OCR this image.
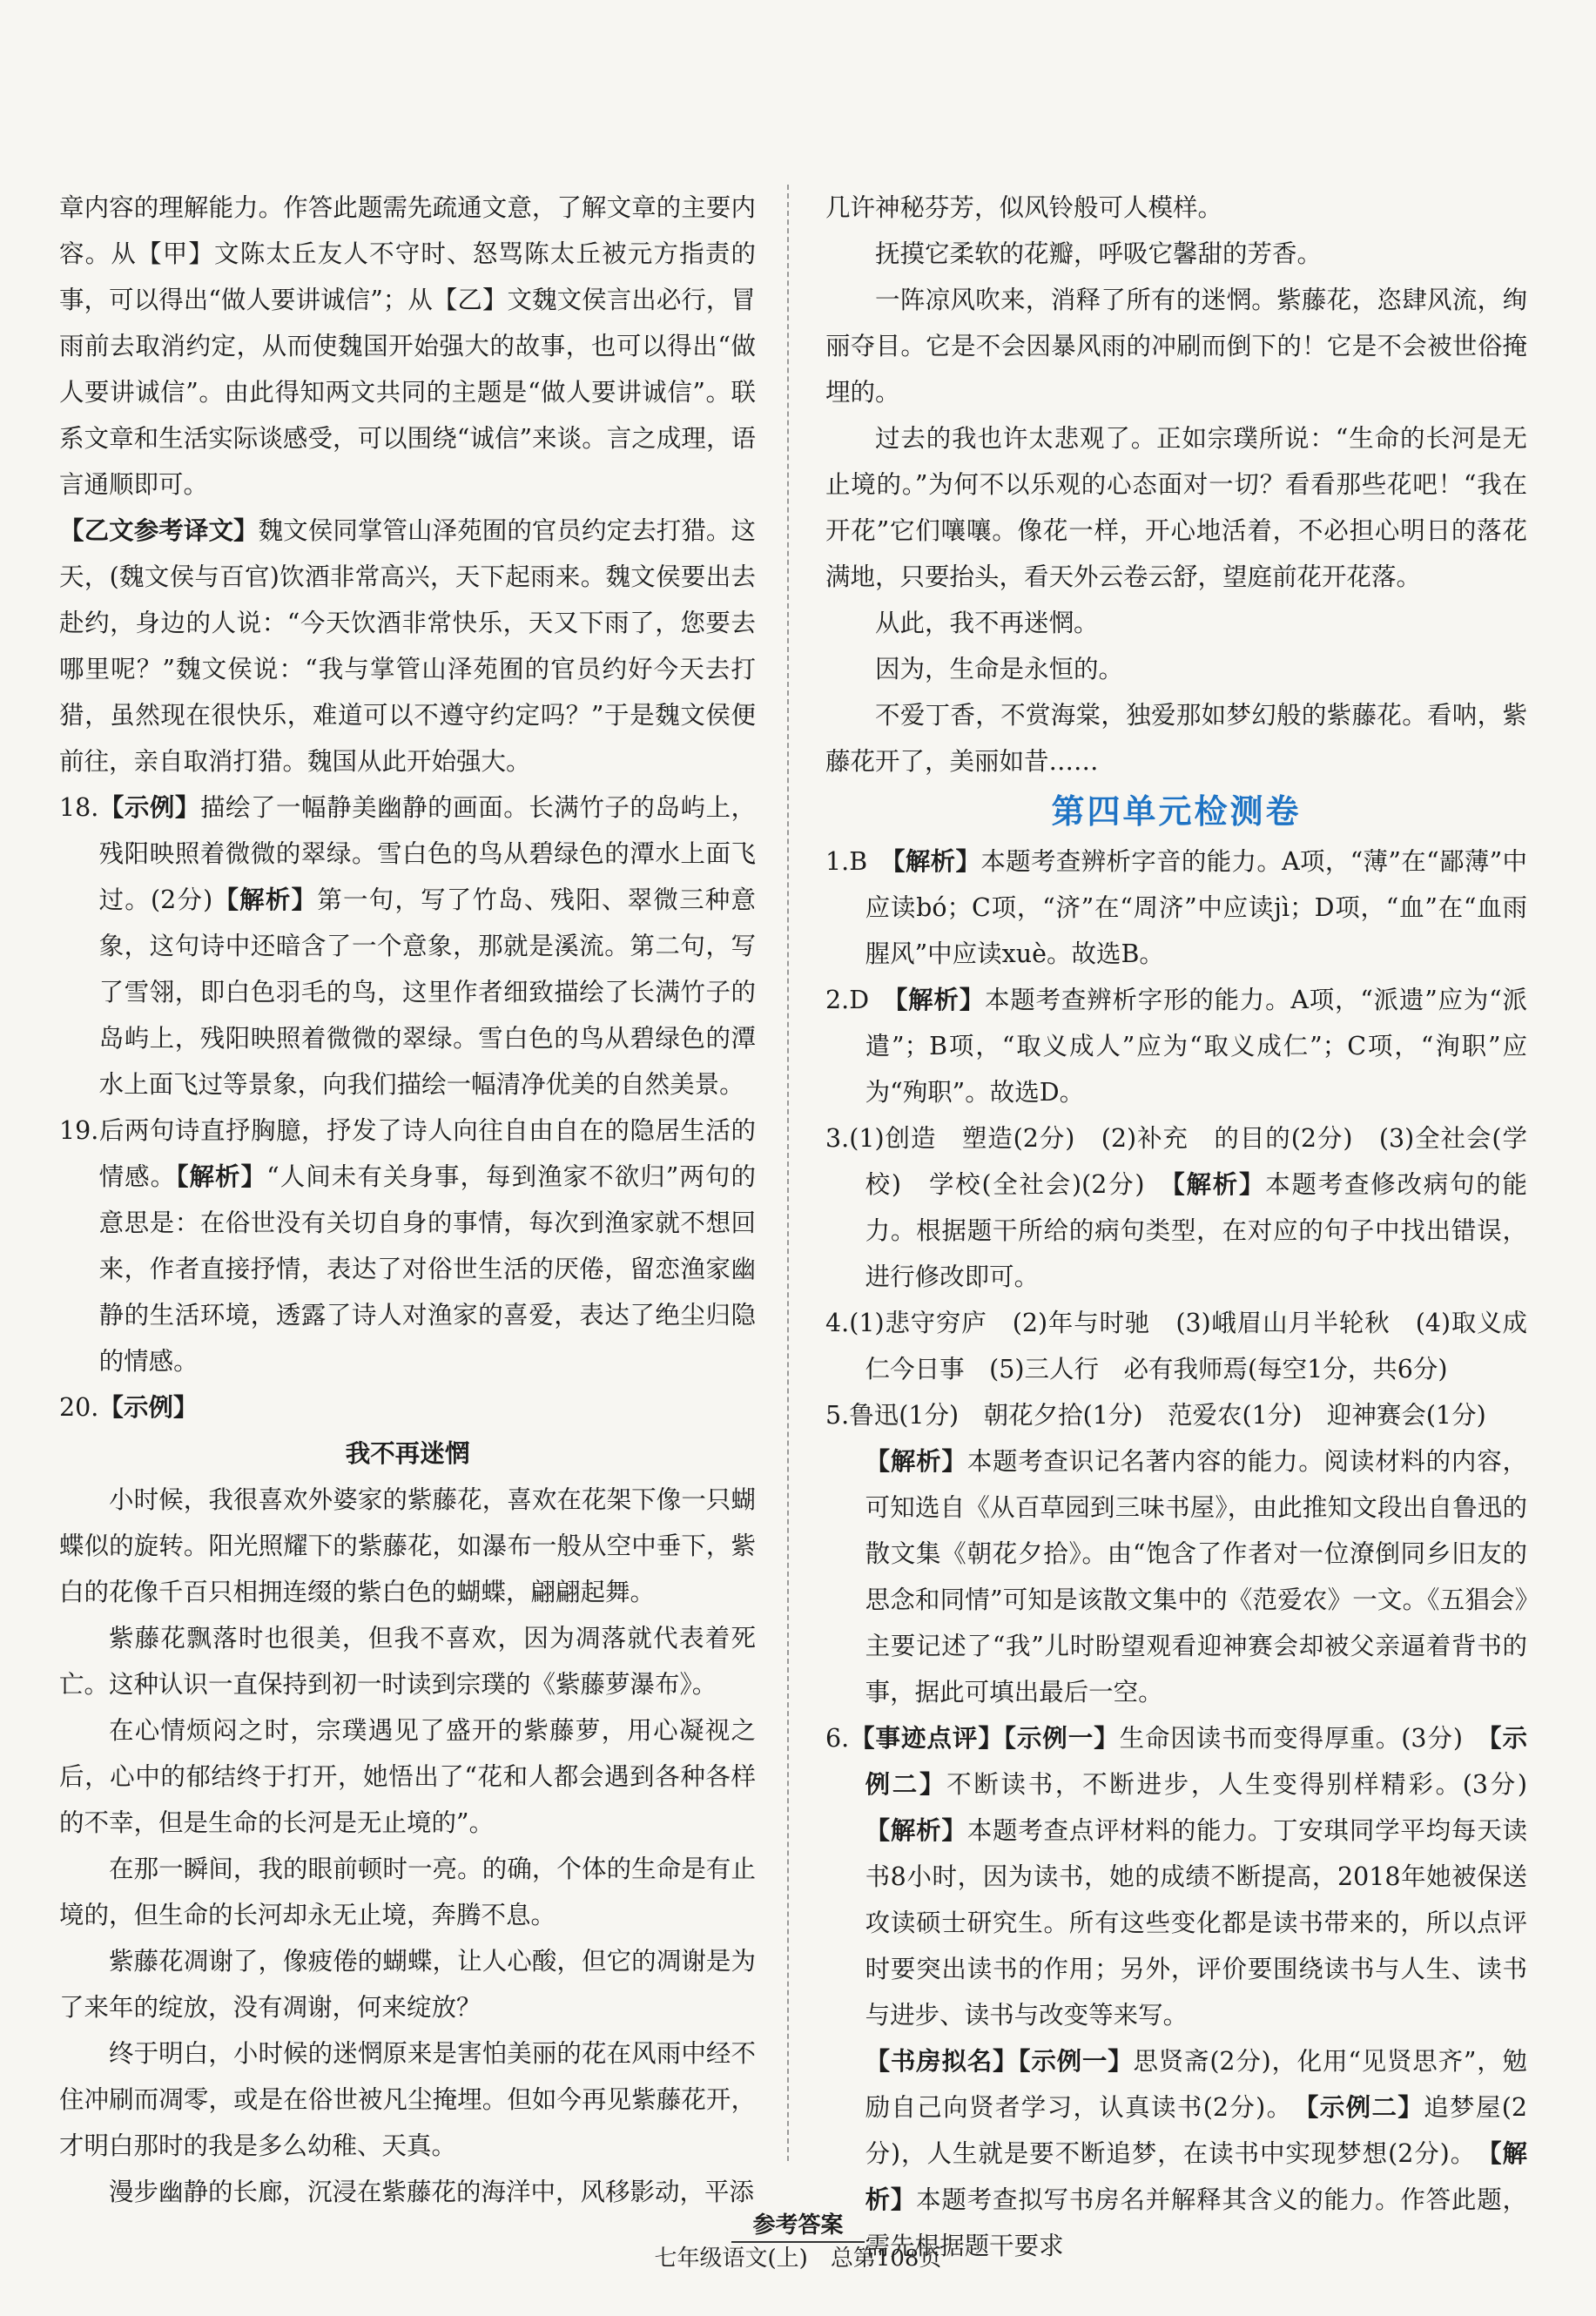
章内容的理解能力。作答此题需先疏通文意，了解文章的主要内容。从【甲】文陈太丘友人不守时、怒骂陈太丘被元方指责的事，可以得出“做人要讲诚信”；从【乙】文魏文侯言出必行，冒雨前去取消约定，从而使魏国开始强大的故事，也可以得出“做人要讲诚信”。由此得知两文共同的主题是“做人要讲诚信”。联系文章和生活实际谈感受，可以围绕“诚信”来谈。言之成理，语言通顺即可。

【乙文参考译文】魏文侯同掌管山泽苑囿的官员约定去打猎。这天，(魏文侯与百官)饮酒非常高兴，天下起雨来。魏文侯要出去赴约，身边的人说：“今天饮酒非常快乐，天又下雨了，您要去哪里呢？”魏文侯说：“我与掌管山泽苑囿的官员约好今天去打猎，虽然现在很快乐，难道可以不遵守约定吗？”于是魏文侯便前往，亲自取消打猎。魏国从此开始强大。

18.【示例】描绘了一幅静美幽静的画面。长满竹子的岛屿上，残阳映照着微微的翠绿。雪白色的鸟从碧绿色的潭水上面飞过。(2分)【解析】第一句，写了竹岛、残阳、翠微三种意象，这句诗中还暗含了一个意象，那就是溪流。第二句，写了雪翎，即白色羽毛的鸟，这里作者细致描绘了长满竹子的岛屿上，残阳映照着微微的翠绿。雪白色的鸟从碧绿色的潭水上面飞过等景象，向我们描绘一幅清净优美的自然美景。

19.后两句诗直抒胸臆，抒发了诗人向往自由自在的隐居生活的情感。【解析】“人间未有关身事，每到渔家不欲归”两句的意思是：在俗世没有关切自身的事情，每次到渔家就不想回来，作者直接抒情，表达了对俗世生活的厌倦，留恋渔家幽静的生活环境，透露了诗人对渔家的喜爱，表达了绝尘归隐的情感。

20.【示例】

我不再迷惘

小时候，我很喜欢外婆家的紫藤花，喜欢在花架下像一只蝴蝶似的旋转。阳光照耀下的紫藤花，如瀑布一般从空中垂下，紫白的花像千百只相拥连缀的紫白色的蝴蝶，翩翩起舞。

紫藤花飘落时也很美，但我不喜欢，因为凋落就代表着死亡。这种认识一直保持到初一时读到宗璞的《紫藤萝瀑布》。

在心情烦闷之时，宗璞遇见了盛开的紫藤萝，用心凝视之后，心中的郁结终于打开，她悟出了“花和人都会遇到各种各样的不幸，但是生命的长河是无止境的”。

在那一瞬间，我的眼前顿时一亮。的确，个体的生命是有止境的，但生命的长河却永无止境，奔腾不息。

紫藤花凋谢了，像疲倦的蝴蝶，让人心酸，但它的凋谢是为了来年的绽放，没有凋谢，何来绽放？

终于明白，小时候的迷惘原来是害怕美丽的花在风雨中经不住冲刷而凋零，或是在俗世被凡尘掩埋。但如今再见紫藤花开，才明白那时的我是多么幼稚、天真。

漫步幽静的长廊，沉浸在紫藤花的海洋中，风移影动，平添

几许神秘芬芳，似风铃般可人模样。

抚摸它柔软的花瓣，呼吸它馨甜的芳香。

一阵凉风吹来，消释了所有的迷惘。紫藤花，恣肆风流，绚丽夺目。它是不会因暴风雨的冲刷而倒下的！它是不会被世俗掩埋的。

过去的我也许太悲观了。正如宗璞所说：“生命的长河是无止境的。”为何不以乐观的心态面对一切？看看那些花吧！“我在开花”它们嚷嚷。像花一样，开心地活着，不必担心明日的落花满地，只要抬头，看天外云卷云舒，望庭前花开花落。

从此，我不再迷惘。

因为，生命是永恒的。

不爱丁香，不赏海棠，独爱那如梦幻般的紫藤花。看呐，紫藤花开了，美丽如昔……

第四单元检测卷

1.B　 【解析】本题考查辨析字音的能力。A项，“薄”在“鄙薄”中应读bó；C项，“济”在“周济”中应读jì；D项，“血”在“血雨腥风”中应读xuè。故选B。

2.D　 【解析】本题考查辨析字形的能力。A项，“派遗”应为“派遣”；B项，“取义成人”应为“取义成仁”；C项，“洵职”应为“殉职”。故选D。

3.(1)创造　塑造(2分)　(2)补充　的目的(2分)　(3)全社会(学校)　学校(全社会)(2分)　【解析】本题考查修改病句的能力。根据题干所给的病句类型，在对应的句子中找出错误，进行修改即可。

4.(1)悲守穷庐　(2)年与时驰　(3)峨眉山月半轮秋　(4)取义成仁今日事　(5)三人行　必有我师焉(每空1分，共6分)

5.鲁迅(1分)　朝花夕拾(1分)　范爱农(1分)　迎神赛会(1分)

【解析】本题考查识记名著内容的能力。阅读材料的内容，可知选自《从百草园到三味书屋》，由此推知文段出自鲁迅的散文集《朝花夕拾》。由“饱含了作者对一位潦倒同乡旧友的思念和同情”可知是该散文集中的《范爱农》一文。《五猖会》主要记述了“我”儿时盼望观看迎神赛会却被父亲逼着背书的事，据此可填出最后一空。

6.【事迹点评】【示例一】生命因读书而变得厚重。(3分)　【示例二】不断读书，不断进步，人生变得别样精彩。(3分)　【解析】本题考查点评材料的能力。丁安琪同学平均每天读书8小时，因为读书，她的成绩不断提高，2018年她被保送攻读硕士研究生。所有这些变化都是读书带来的，所以点评时要突出读书的作用；另外，评价要围绕读书与人生、读书与进步、读书与改变等来写。

【书房拟名】【示例一】思贤斋(2分)，化用“见贤思齐”，勉励自己向贤者学习，认真读书(2分)。　【示例二】追梦屋(2分)，人生就是要不断追梦，在读书中实现梦想(2分)。　【解析】本题考查拟写书房名并解释其含义的能力。作答此题，需先根据题干要求

参考答案
七年级语文(上)　总第108页
